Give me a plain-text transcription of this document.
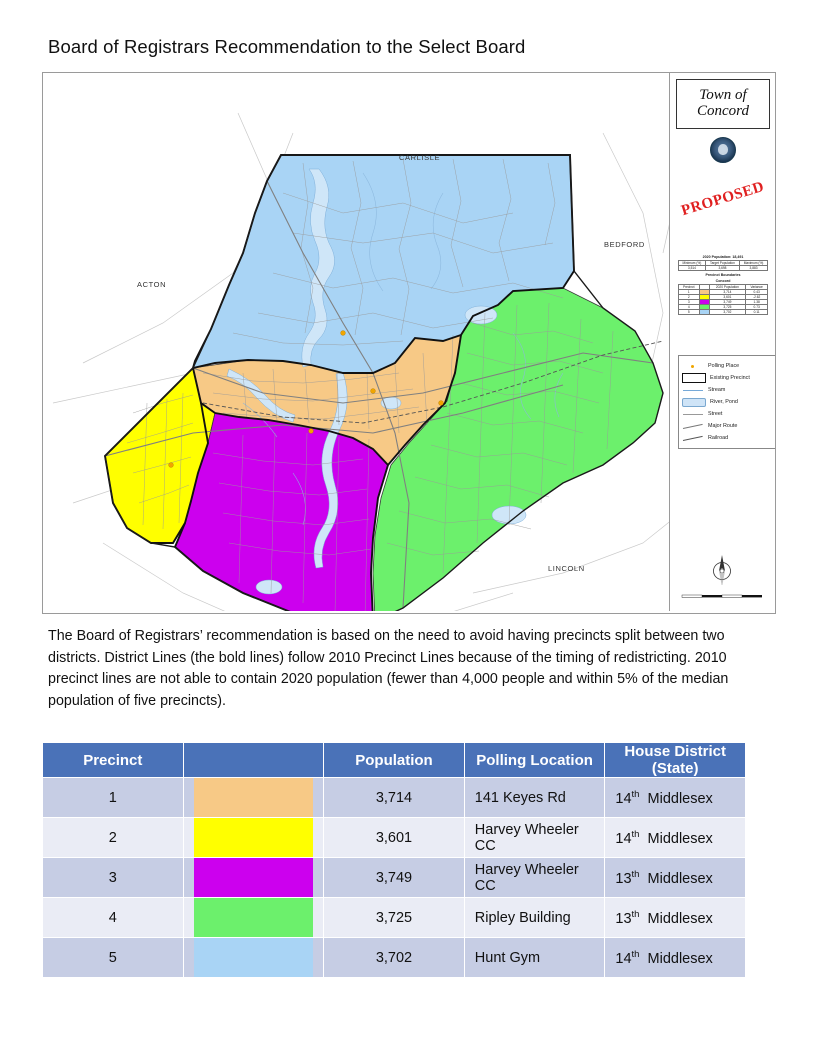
Board of Registrars Recommendation to the Select Board
CARLISLE
BEDFORD
ACTON
LINCOLN
Town of
Concord
PROPOSED
2020 Population: 18,491
Minimum (%)	Target Population	Maximum (%)
3,514	3,698	3,883
Precinct Boundaries
Concord
Precinct		2020 Population	Variance
1		3,714	0.43
2		3,601	-2.62
3		3,749	1.38
4		3,725	0.73
5		3,702	0.11
Polling Place
Existing Precinct
Stream
River, Pond
Street
Major Route
Railroad
The Board of Registrars’ recommendation is based on the need to avoid having precincts split between two districts. District Lines (the bold lines) follow 2010 Precinct Lines because of the timing of redistricting. 2010 precinct lines are not able to contain 2020 population (fewer than 4,000 people and within 5% of the median population of five precincts).
Precinct		Population	Polling Location	House District (State)
1		3,714	141 Keyes Rd	14th Middlesex
2		3,601	Harvey Wheeler CC	14th Middlesex
3		3,749	Harvey Wheeler CC	13th Middlesex
4		3,725	Ripley Building	13th Middlesex
5		3,702	Hunt Gym	14th Middlesex
